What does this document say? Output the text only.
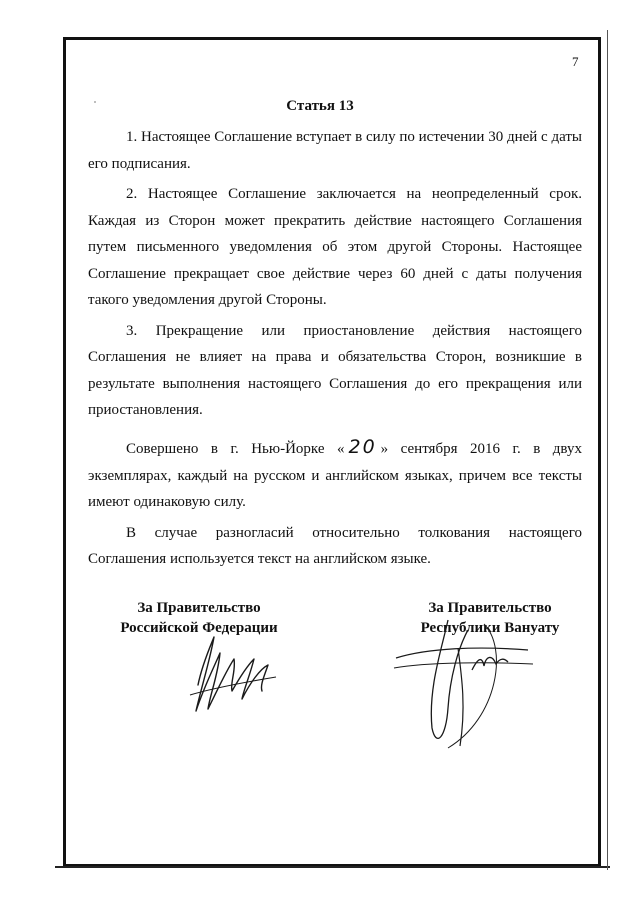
7
Статья 13

1. Настоящее Соглашение вступает в силу по истечении 30 дней с даты его подписания.

2. Настоящее Соглашение заключается на неопределенный срок. Каждая из Сторон может прекратить действие настоящего Соглашения путем письменного уведомления об этом другой Стороны. Настоящее Соглашение прекращает свое действие через 60 дней с даты получения такого уведомления другой Стороны.

3. Прекращение или приостановление действия настоящего Соглашения не влияет на права и обязательства Сторон, возникшие в результате выполнения настоящего Соглашения до его прекращения или приостановления.

Совершено в г. Нью-Йорке « 20 » сентября 2016 г. в двух экземплярах, каждый на русском и английском языках, причем все тексты имеют одинаковую силу.

В случае разногласий относительно толкования настоящего Соглашения используется текст на английском языке.

За Правительство
Российской Федерации
За Правительство
Республики Вануату
